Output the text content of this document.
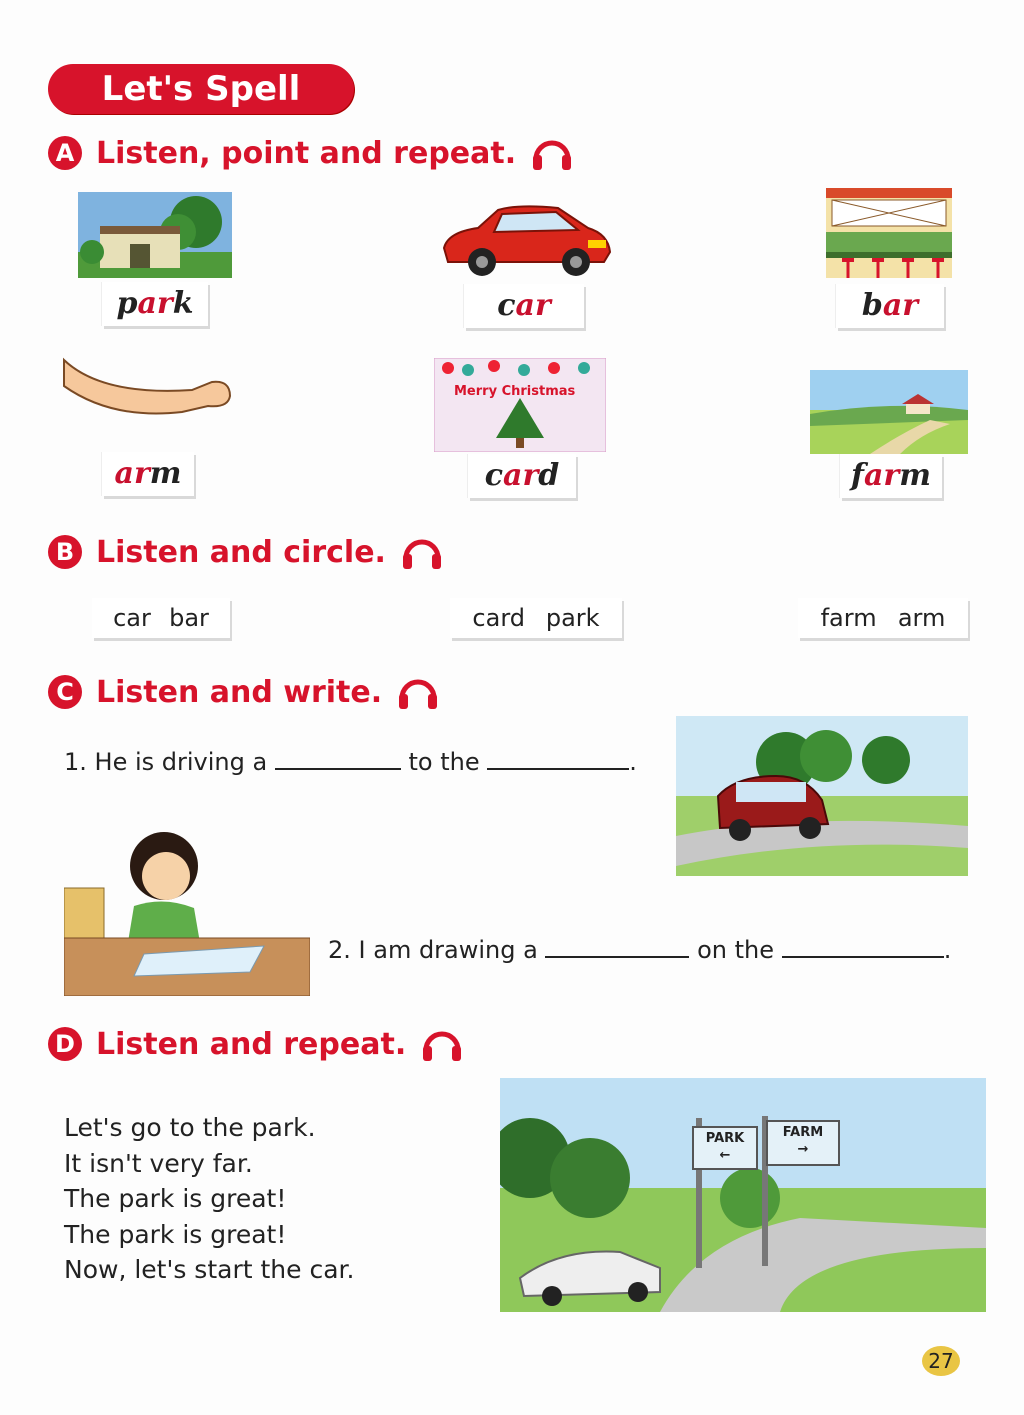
Let's Spell
A Listen, point and repeat.
Merry Christmas
park	car	bar
arm	card	farm
B Listen and circle.
car bar	card park	farm arm
C Listen and write.
1. He is driving a	to the	.
2. I am drawing a	on the	.
D Listen and repeat.
Let's go to the park.
It isn't very far.
The park is great!
The park is great!
Now, let's start the car.
PARK
←
FARM
→
27
